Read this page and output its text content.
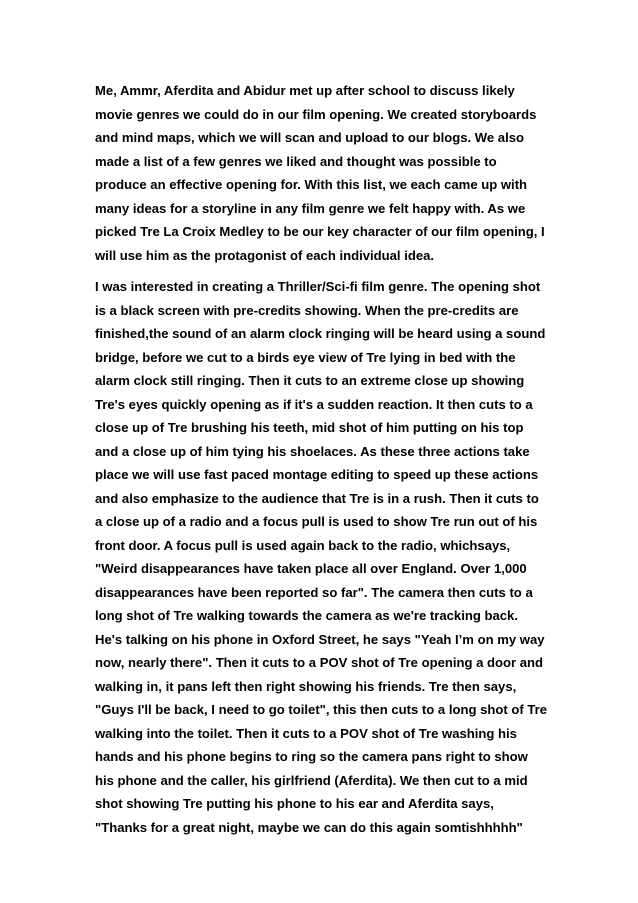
Me, Ammr, Aferdita and Abidur met up after school to discuss likely
movie genres we could do in our film opening. We created storyboards
and mind maps, which we will scan and upload to our blogs. We also
made a list of a few genres we liked and thought was possible to
produce an effective opening for. With this list, we each came up with
many ideas for a storyline in any film genre we felt happy with. As we
picked Tre La Croix Medley to be our key character of our film opening, I
will use him as the protagonist of each individual idea.
I was interested in creating a Thriller/Sci-fi film genre. The opening shot
is a black screen with pre-credits showing. When the pre-credits are
finished,the sound of an alarm clock ringing will be heard using a sound
bridge, before we cut to a birds eye view of Tre lying in bed with the
alarm clock still ringing. Then it cuts to an extreme close up showing
Tre's eyes quickly opening as if it's a sudden reaction. It then cuts to a
close up of Tre brushing his teeth, mid shot of him putting on his top
and a close up of him tying his shoelaces. As these three actions take
place we will use fast paced montage editing to speed up these actions
and also emphasize to the audience that Tre is in a rush. Then it cuts to
a close up of a radio and a focus pull is used to show Tre run out of his
front door. A focus pull is used again back to the radio, whichsays,
"Weird disappearances have taken place all over England. Over 1,000
disappearances have been reported so far". The camera then cuts to a
long shot of Tre walking towards the camera as we're tracking back.
He's talking on his phone in Oxford Street, he says "Yeah I’m on my way
now, nearly there". Then it cuts to a POV shot of Tre opening a door and
walking in, it pans left then right showing his friends. Tre then says,
"Guys I'll be back, I need to go toilet", this then cuts to a long shot of Tre
walking into the toilet. Then it cuts to a POV shot of Tre washing his
hands and his phone begins to ring so the camera pans right to show
his phone and the caller, his girlfriend (Aferdita). We then cut to a mid
shot showing Tre putting his phone to his ear and Aferdita says,
"Thanks for a great night, maybe we can do this again somtishhhhh"
